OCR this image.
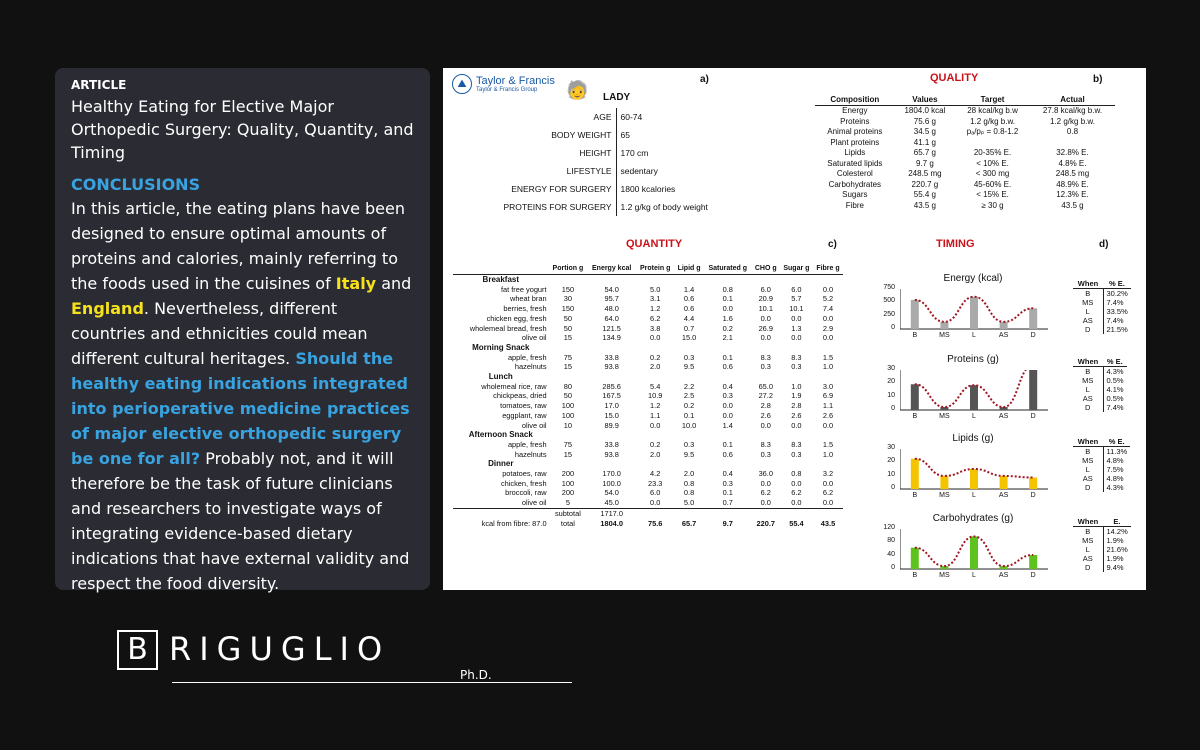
ARTICLE
Healthy Eating for Elective Major Orthopedic Surgery: Quality, Quantity, and Timing
CONCLUSIONS
In this article, the eating plans have been designed to ensure optimal amounts of proteins and calories, mainly referring to the foods used in the cuisines of Italy and England. Nevertheless, different countries and ethnicities could mean different cultural heritages. Should the healthy eating indications integrated into perioperative medicine practices of major elective orthopedic surgery be one for all? Probably not, and it will therefore be the task of future clinicians and researchers to investigate ways of integrating evidence-based dietary indications that have external validity and respect the food diversity.
⛰ Taylor & Francis
Taylor & Francis Group
a)
🧓 LADY
AGE	60-74
BODY WEIGHT	65
HEIGHT	170 cm
LIFESTYLE	sedentary
ENERGY FOR SURGERY	1800 kcalories
PROTEINS FOR SURGERY	1.2 g/kg of body weight
QUALITY	b)
Composition	Values	Target	Actual
Energy	1804.0 kcal	28 kcal/kg b.w	27.8 kcal/kg b.w.
Proteins	75.6 g	1.2 g/kg b.w.	1.2 g/kg b.w.
Animal proteins	34.5 g	pₐ/pₚ = 0.8-1.2	0.8
Plant proteins	41.1 g		
Lipids	65.7 g	20-35% E.	32.8% E.
Saturated lipids	9.7 g	< 10% E.	4.8% E.
Colesterol	248.5 mg	< 300 mg	248.5 mg
Carbohydrates	220.7 g	45-60% E.	48.9% E.
Sugars	55.4 g	< 15% E.	12.3% E.
Fibre	43.5 g	≥ 30 g	43.5 g
QUANTITY	c)
	Portion g	Energy kcal	Protein g	Lipid g	Saturated g	CHO g	Sugar g	Fibre g
Breakfast								
fat free yogurt	150	54.0	5.0	1.4	0.8	6.0	6.0	0.0
wheat bran	30	95.7	3.1	0.6	0.1	20.9	5.7	5.2
berries, fresh	150	48.0	1.2	0.6	0.0	10.1	10.1	7.4
chicken egg, fresh	50	64.0	6.2	4.4	1.6	0.0	0.0	0.0
wholemeal bread, fresh	50	121.5	3.8	0.7	0.2	26.9	1.3	2.9
olive oil	15	134.9	0.0	15.0	2.1	0.0	0.0	0.0
Morning Snack								
apple, fresh	75	33.8	0.2	0.3	0.1	8.3	8.3	1.5
hazelnuts	15	93.8	2.0	9.5	0.6	0.3	0.3	1.0
Lunch								
wholemeal rice, raw	80	285.6	5.4	2.2	0.4	65.0	1.0	3.0
chickpeas, dried	50	167.5	10.9	2.5	0.3	27.2	1.9	6.9
tomatoes, raw	100	17.0	1.2	0.2	0.0	2.8	2.8	1.1
eggplant, raw	100	15.0	1.1	0.1	0.0	2.6	2.6	2.6
olive oil	10	89.9	0.0	10.0	1.4	0.0	0.0	0.0
Afternoon Snack								
apple, fresh	75	33.8	0.2	0.3	0.1	8.3	8.3	1.5
hazelnuts	15	93.8	2.0	9.5	0.6	0.3	0.3	1.0
Dinner								
potatoes, raw	200	170.0	4.2	2.0	0.4	36.0	0.8	3.2
chicken, fresh	100	100.0	23.3	0.8	0.3	0.0	0.0	0.0
broccoli, raw	200	54.0	6.0	0.8	0.1	6.2	6.2	6.2
olive oil	5	45.0	0.0	5.0	0.7	0.0	0.0	0.0
	subtotal	1717.0						
kcal from fibre: 87.0	total	1804.0	75.6	65.7	9.7	220.7	55.4	43.5
TIMING	d)
Energy (kcal)
0
250
500
750
B	MS	L	AS	D
Proteins (g)
0
10
20
30
B	MS	L	AS	D
Lipids (g)
0
10
20
30
B	MS	L	AS	D
Carbohydrates (g)
0
40
80
120
B	MS	L	AS	D
When	% E.
B	30.2%
MS	7.4%
L	33.5%
AS	7.4%
D	21.5%
When	% E.
B	4.3%
MS	0.5%
L	4.1%
AS	0.5%
D	7.4%
When	% E.
B	11.3%
MS	4.8%
L	7.5%
AS	4.8%
D	4.3%
When	E.
B	14.2%
MS	1.9%
L	21.6%
AS	1.9%
D	9.4%
B RIGUGLIO
Ph.D.
